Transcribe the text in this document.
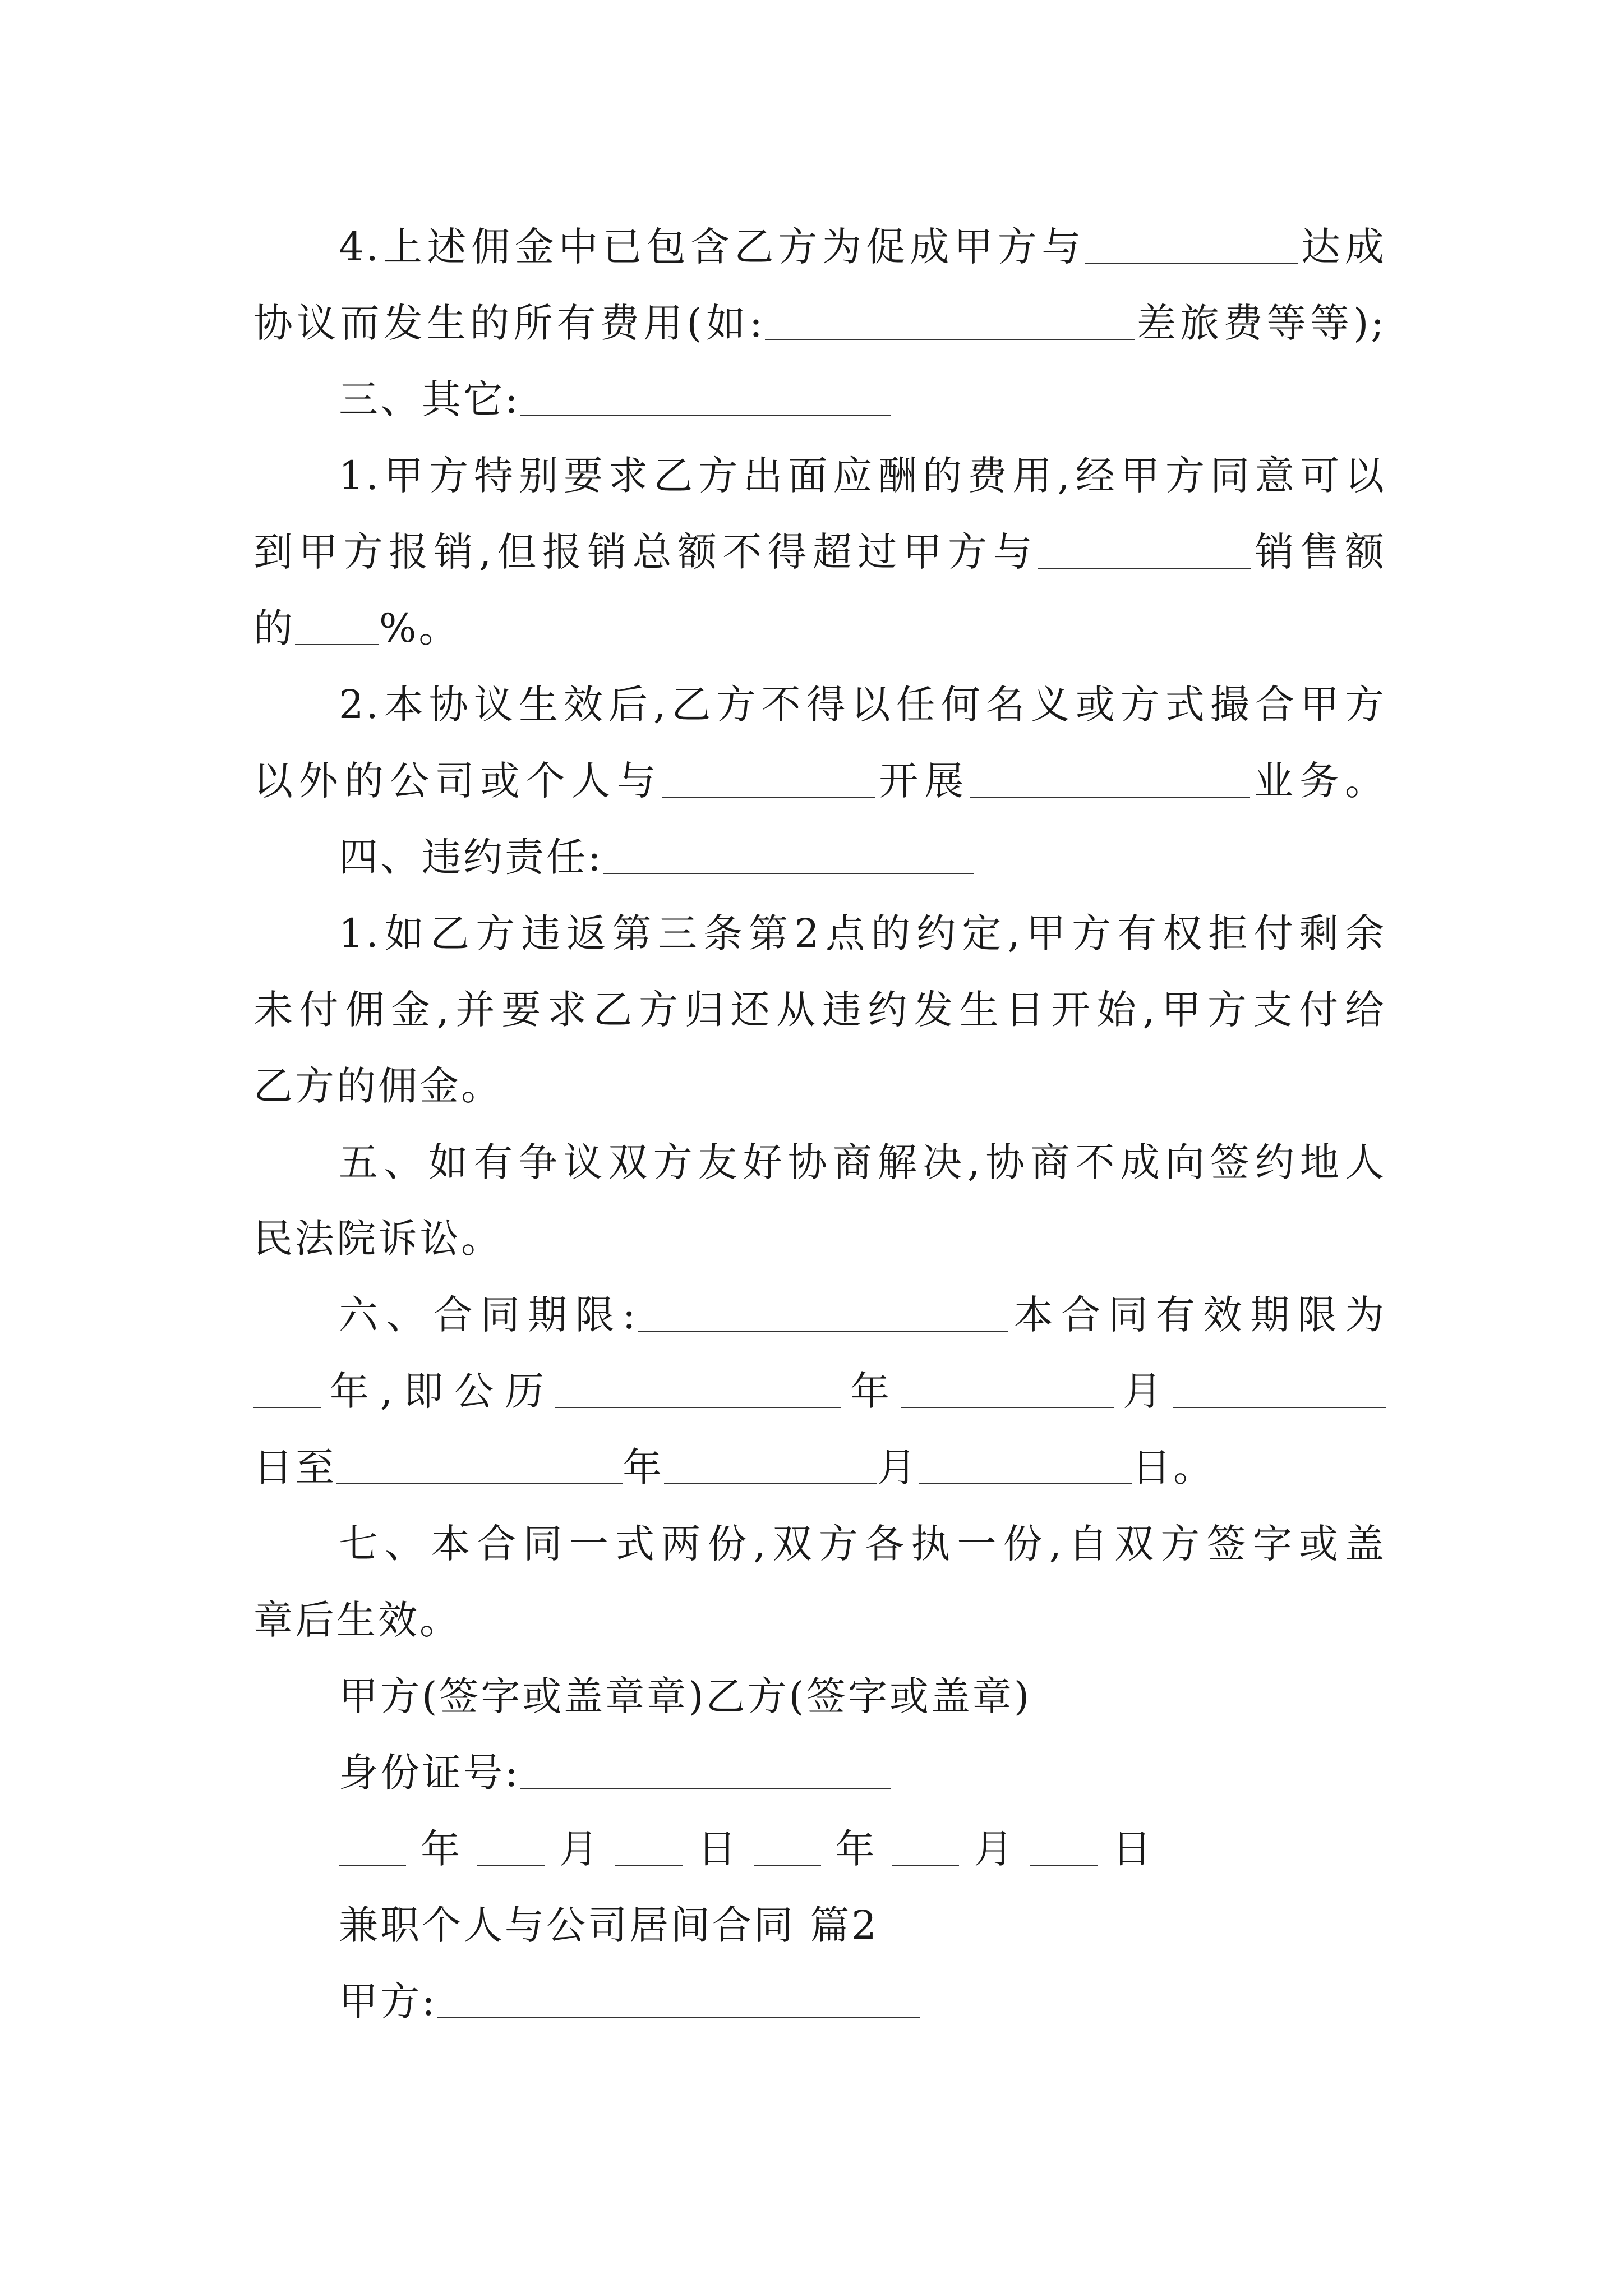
4.上述佣金中已包含乙方为促成甲方与	达成
协议而发生的所有费用(如:	差旅费等等);
三、其它:
1.甲方特别要求乙方出面应酬的费用,经甲方同意可以
到甲方报销,但报销总额不得超过甲方与	销售额
的 %。
2.本协议生效后,乙方不得以任何名义或方式撮合甲方
以外的公司或个人与	开展	业务。
四、违约责任:
1.如乙方违返第三条第2点的约定,甲方有权拒付剩余
未付佣金,并要求乙方归还从违约发生日开始,甲方支付给
乙方的佣金。
五、如有争议双方友好协商解决,协商不成向签约地人
民法院诉讼。
六、合同期限:	本合同有效期限为
年,即公历	年	月
日至	年	月	日。
七、本合同一式两份,双方各执一份,自双方签字或盖
章后生效。
甲方(签字或盖章章)乙方(签字或盖章)
身份证号:
年  月  日  年  月  日
兼职个人与公司居间合同 篇2
甲方:
